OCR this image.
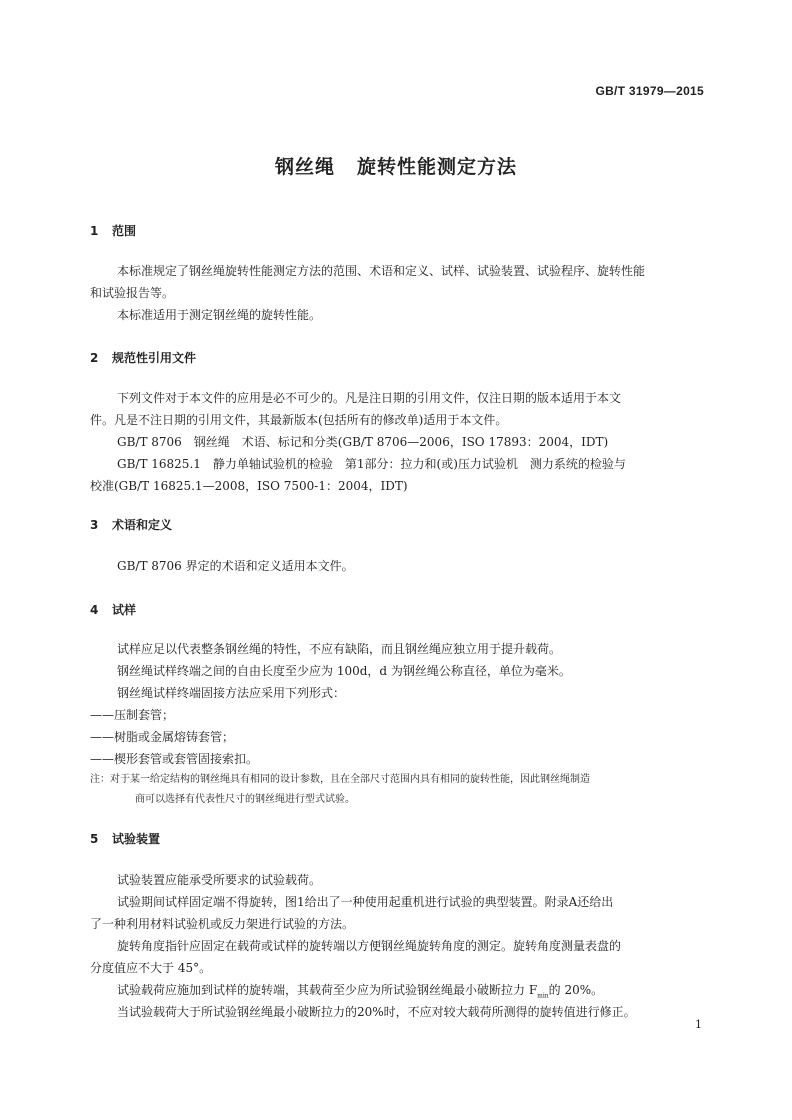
GB/T 31979—2015
钢丝绳 旋转性能测定方法
1 范围
本标准规定了钢丝绳旋转性能测定方法的范围、术语和定义、试样、试验装置、试验程序、旋转性能
和试验报告等。
本标准适用于测定钢丝绳的旋转性能。
2 规范性引用文件
下列文件对于本文件的应用是必不可少的。凡是注日期的引用文件，仅注日期的版本适用于本文
件。凡是不注日期的引用文件，其最新版本(包括所有的修改单)适用于本文件。
GB/T 8706　钢丝绳　术语、标记和分类(GB/T 8706—2006，ISO 17893：2004，IDT)
GB/T 16825.1　静力单轴试验机的检验　第1部分：拉力和(或)压力试验机　测力系统的检验与
校准(GB/T 16825.1—2008，ISO 7500-1：2004，IDT)
3 术语和定义
GB/T 8706 界定的术语和定义适用本文件。
4 试样
试样应足以代表整条钢丝绳的特性，不应有缺陷，而且钢丝绳应独立用于提升载荷。
钢丝绳试样终端之间的自由长度至少应为 100d，d 为钢丝绳公称直径，单位为毫米。
钢丝绳试样终端固接方法应采用下列形式：
——压制套管；
——树脂或金属熔铸套管；
——楔形套管或套管固接索扣。
注：对于某一给定结构的钢丝绳具有相同的设计参数，且在全部尺寸范围内具有相同的旋转性能，因此钢丝绳制造
商可以选择有代表性尺寸的钢丝绳进行型式试验。
5 试验装置
试验装置应能承受所要求的试验载荷。
试验期间试样固定端不得旋转，图1给出了一种使用起重机进行试验的典型装置。附录A还给出
了一种利用材料试验机或反力架进行试验的方法。
旋转角度指针应固定在载荷或试样的旋转端以方便钢丝绳旋转角度的测定。旋转角度测量表盘的
分度值应不大于 45°。
试验载荷应施加到试样的旋转端，其载荷至少应为所试验钢丝绳最小破断拉力 $F_{min}$的 20%。
当试验载荷大于所试验钢丝绳最小破断拉力的20%时，不应对较大载荷所测得的旋转值进行修正。
1
